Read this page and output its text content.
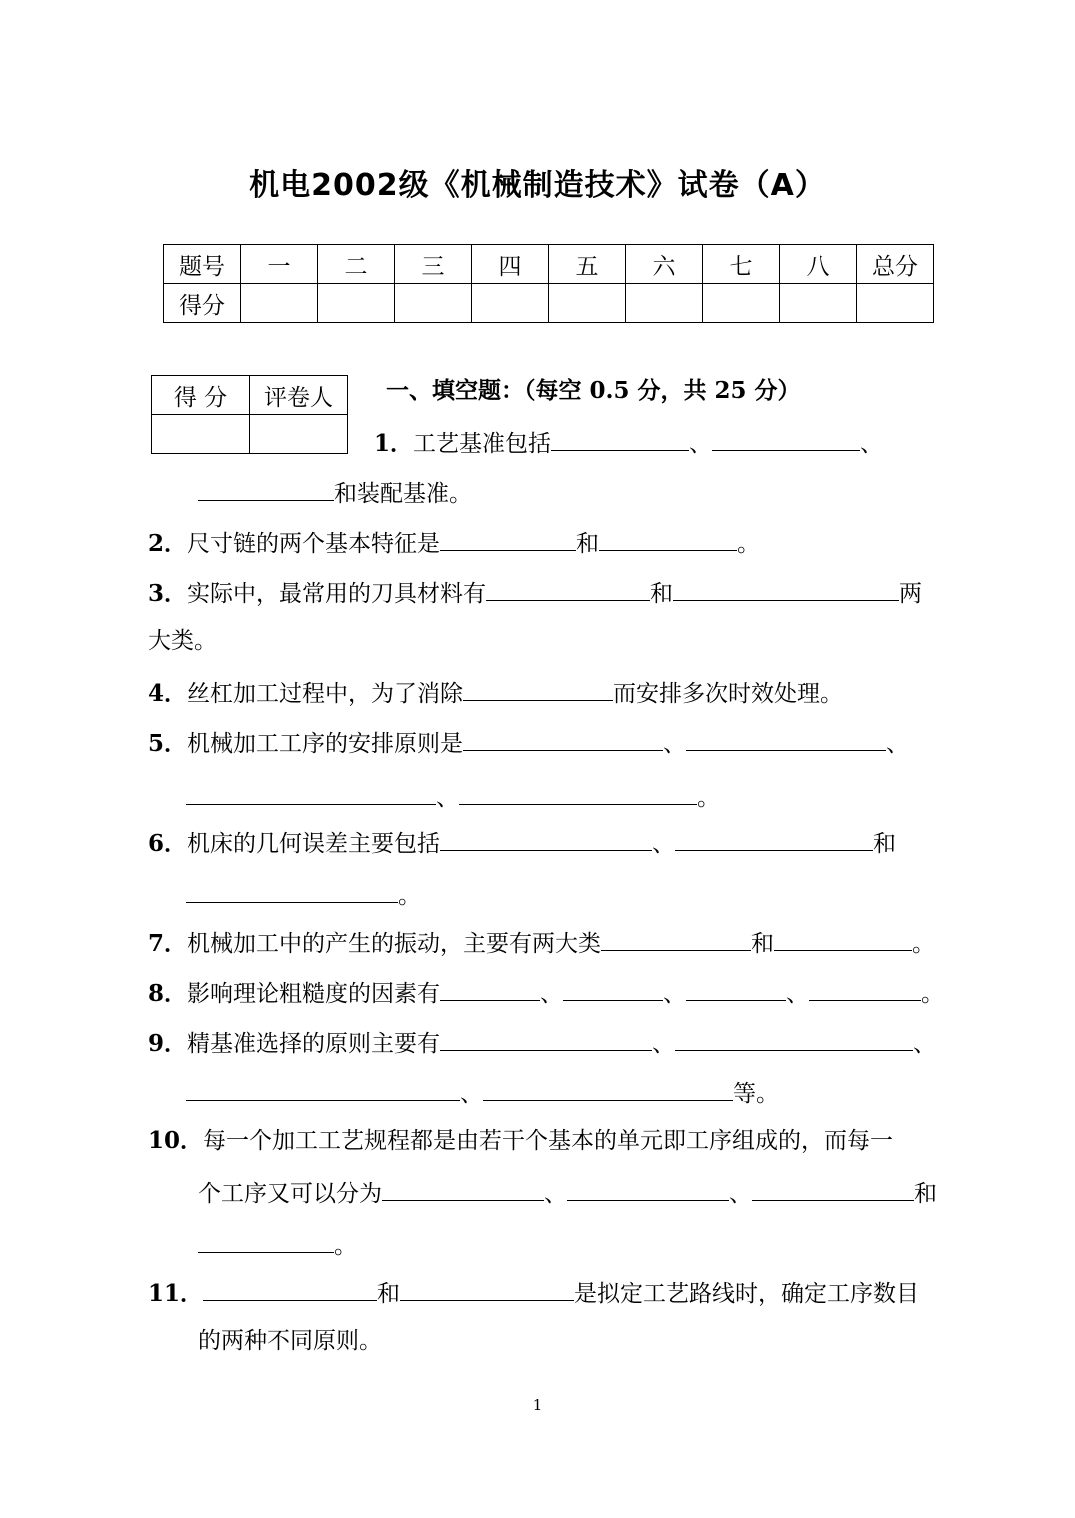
机电2002级《机械制造技术》试卷（A）
题号	一	二	三	四	五	六	七	八	总分
得分									
得 分	评卷人
	一、填空题：（每空 0.5 分，共 25 分）
1．工艺基准包括	、	、
和装配基准。
2．尺寸链的两个基本特征是	和	。
3．实际中，最常用的刀具材料有	和	两
大类。
4．丝杠加工过程中，为了消除	而安排多次时效处理。
5．机械加工工序的安排原则是	、	、
、	。
6．机床的几何误差主要包括	、	和
。
7．机械加工中的产生的振动，主要有两大类	和	。
8．影响理论粗糙度的因素有	、	、	、	。
9．精基准选择的原则主要有	、	、
、	等。
10．每一个加工工艺规程都是由若干个基本的单元即工序组成的，而每一
个工序又可以分为	、	、	和
。
11．	和	是拟定工艺路线时，确定工序数目
的两种不同原则。
1
